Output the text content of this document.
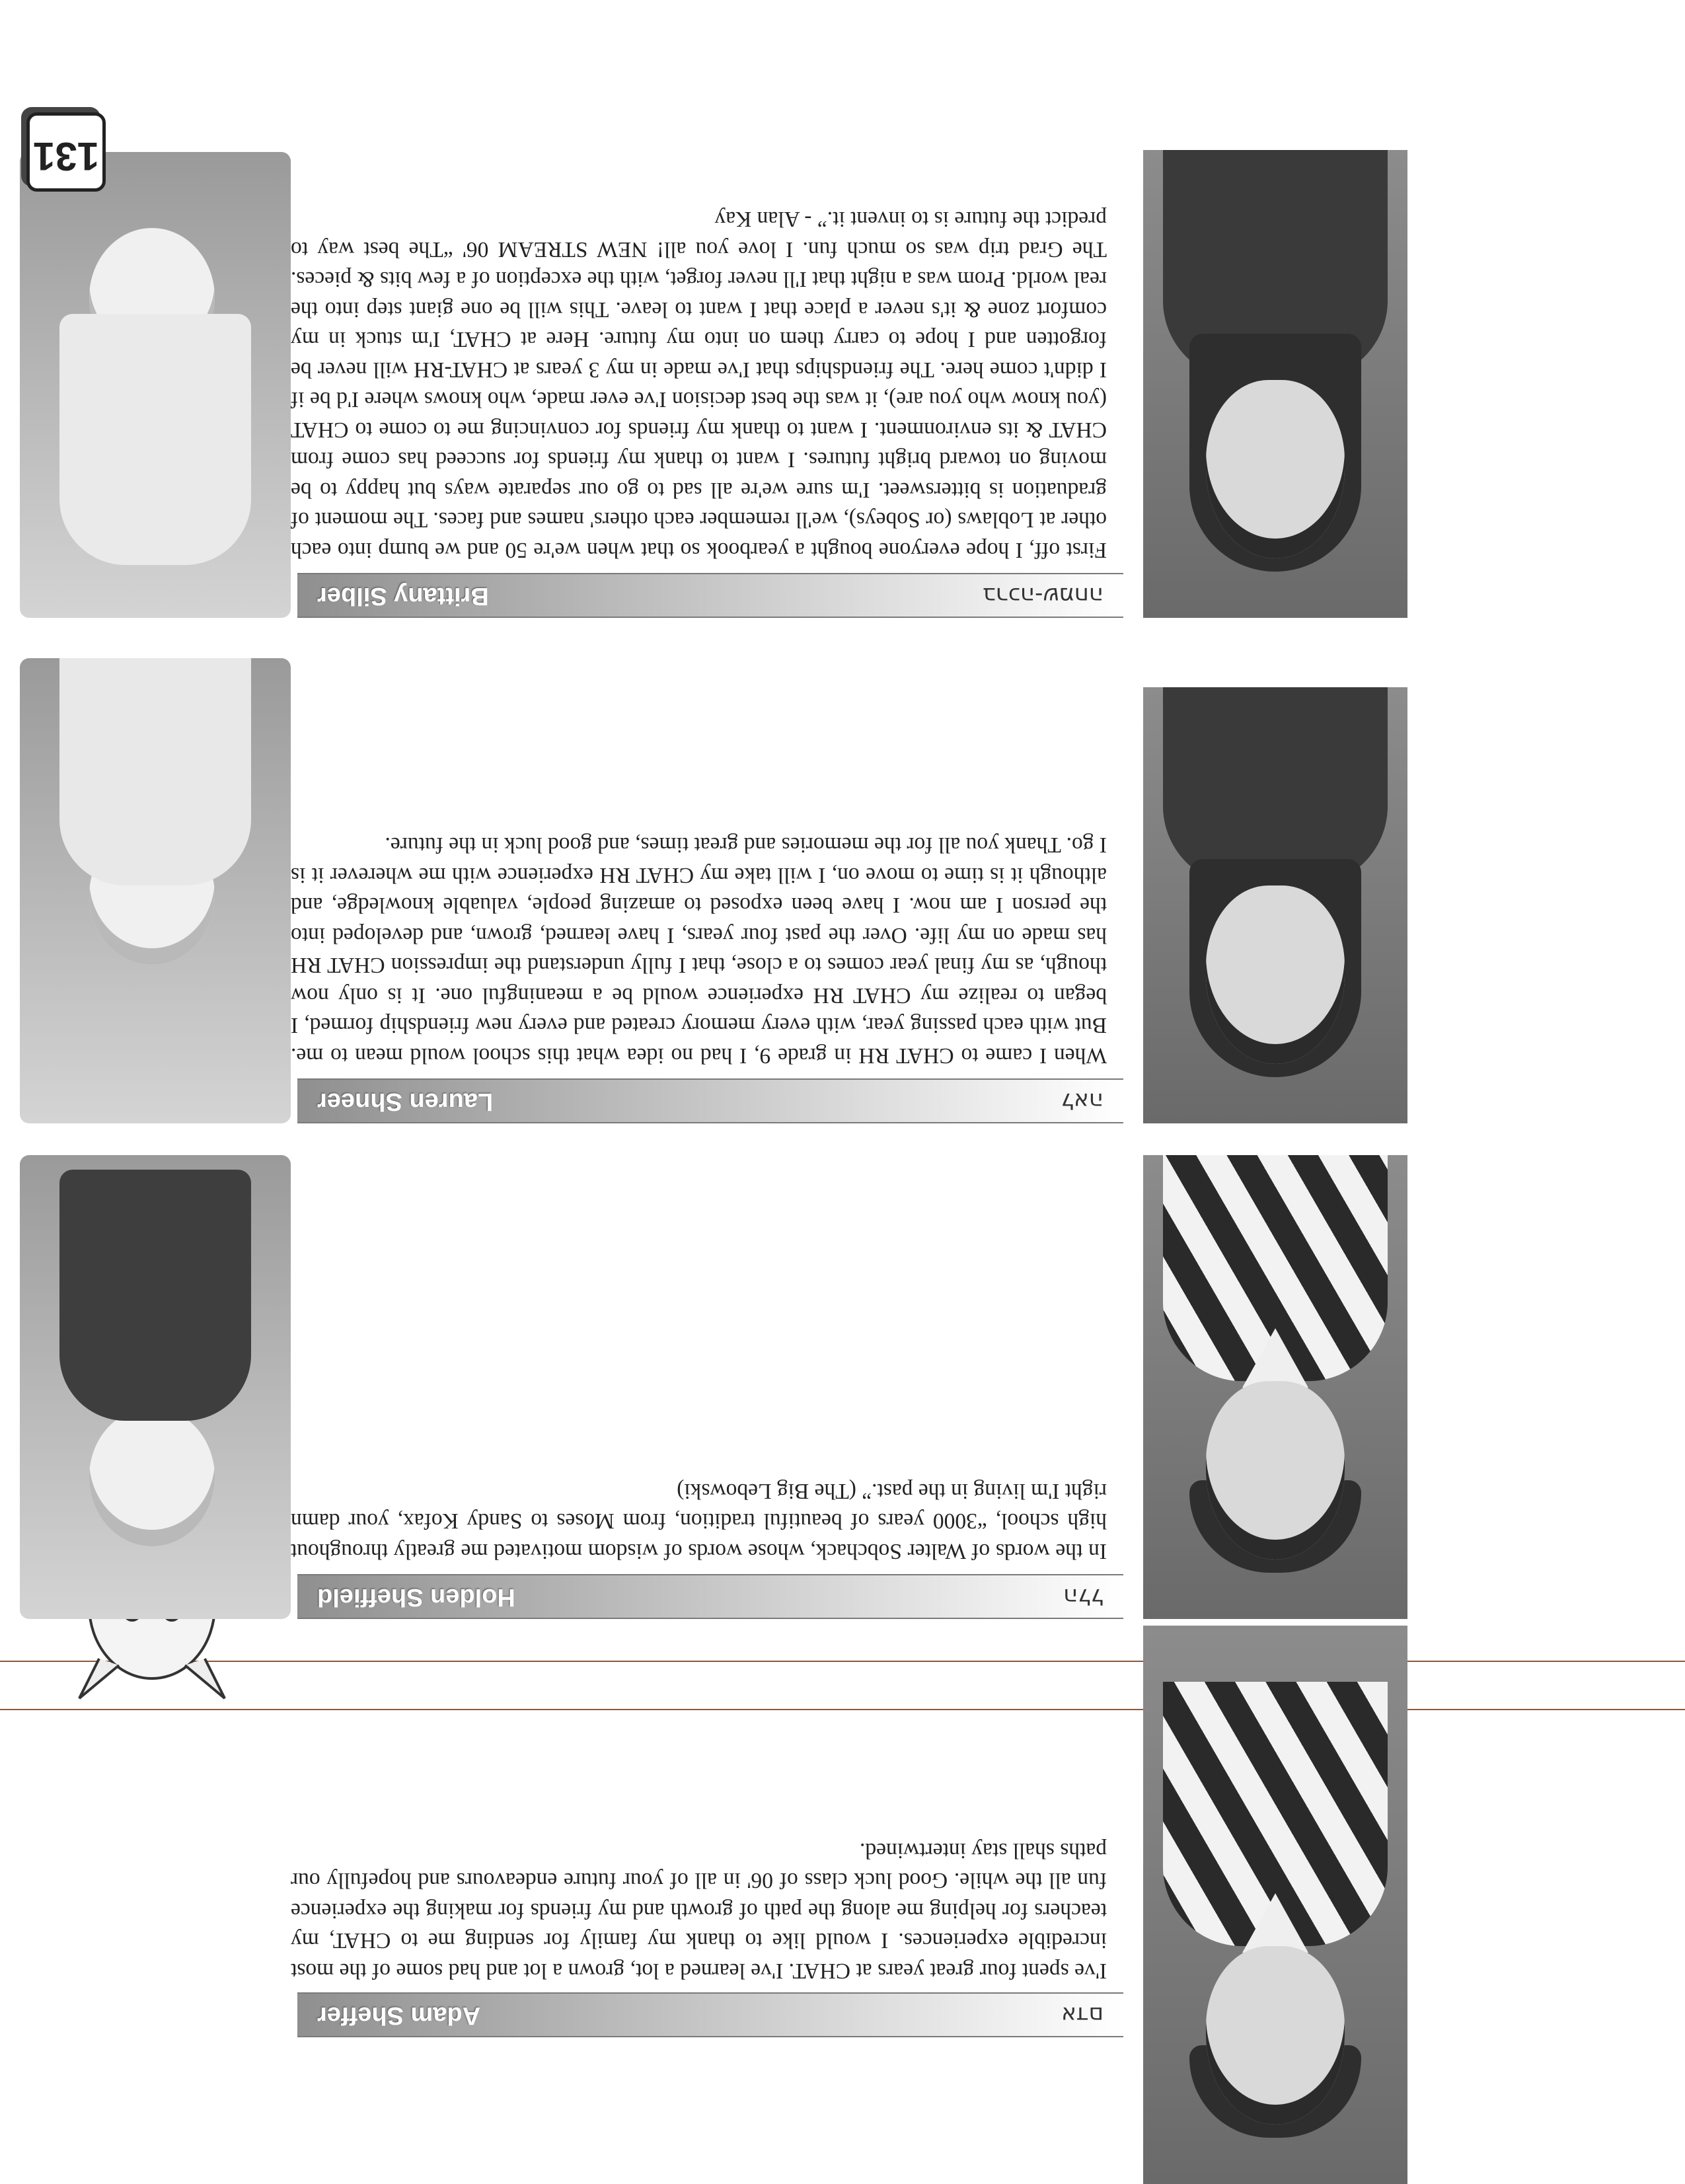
Adam Sheffer	אדם
I've spent four great years at CHAT. I've learned a lot, grown a lot and had some of the most incredible experiences. I would like to thank my family for sending me to CHAT, my teachers for helping me along the path of growth and my friends for making the experience fun all the while. Good luck class of 06' in all of your future endeavours and hopefully our paths shall stay intertwined.
Holden Sheffield	הלל
In the words of Walter Sobchack, whose words of wisdom motivated me greatly throughout high school, “3000 years of beautiful tradition, from Moses to Sandy Kofax, your damn right I'm living in the past.” (The Big Lebowski)
Lauren Shneer	לאה
When I came to CHAT RH in grade 9, I had no idea what this school would mean to me. But with each passing year, with every memory created and every new friendship formed, I began to realize my CHAT RH experience would be a meaningful one. It is only now though, as my final year comes to a close, that I fully understand the impression CHAT RH has made on my life. Over the past four years, I have learned, grown, and developed into the person I am now. I have been exposed to amazing people, valuable knowledge, and although it is time to move on, I will take my CHAT RH experience with me wherever it is I go. Thank you all for the memories and great times, and good luck in the future.
Brittany Silber	ברכה-שמחה
First off, I hope everyone bought a yearbook so that when we're 50 and we bump into each other at Loblaws (or Sobeys), we'll remember each others' names and faces. The moment of graduation is bittersweet. I'm sure we're all sad to go our separate ways but happy to be moving on toward bright futures. I want to thank my friends for succeed has come from CHAT & its environment. I want to thank my friends for convincing me to come to CHAT (you know who you are), it was the best decision I've ever made, who knows where I'd be if I didn't come here. The friendships that I've made in my 3 years at CHAT-RH will never be forgotten and I hope to carry them on into my future. Here at CHAT, I'm stuck in my comfort zone & it's never a place that I want to leave. This will be one giant step into the real world. Prom was a night that I'll never forget, with the exception of a few bits & pieces. The Grad trip was so much fun. I love you all! NEW STREAM 06' “The best way to predict the future is to invent it.” - Alan Kay
131
